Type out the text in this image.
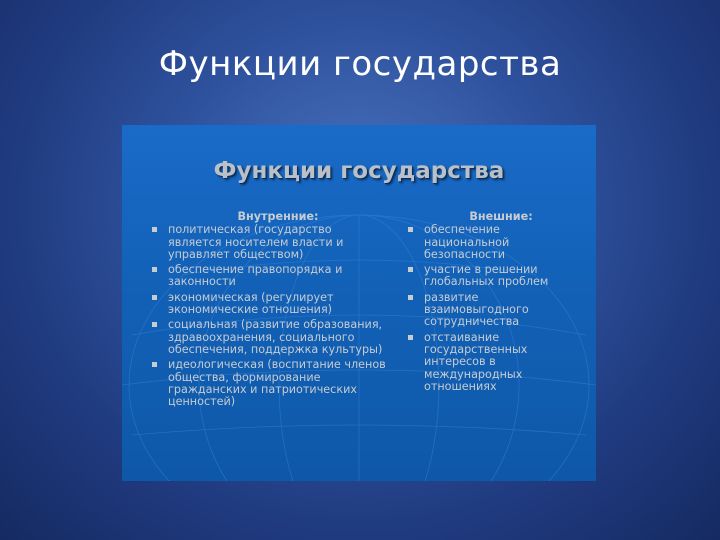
Функции государства
Функции государства
Внутренние:
политическая (государство является носителем власти и управляет обществом)
обеспечение правопорядка и законности
экономическая (регулирует экономические отношения)
социальная (развитие образования, здравоохранения, социального обеспечения, поддержка культуры)
идеологическая (воспитание членов общества, формирование гражданских и патриотических ценностей)
Внешние:
обеспечение национальной безопасности
участие в решении глобальных проблем
развитие взаимовыгодного сотрудничества
отстаивание государственных интересов в международных отношениях
